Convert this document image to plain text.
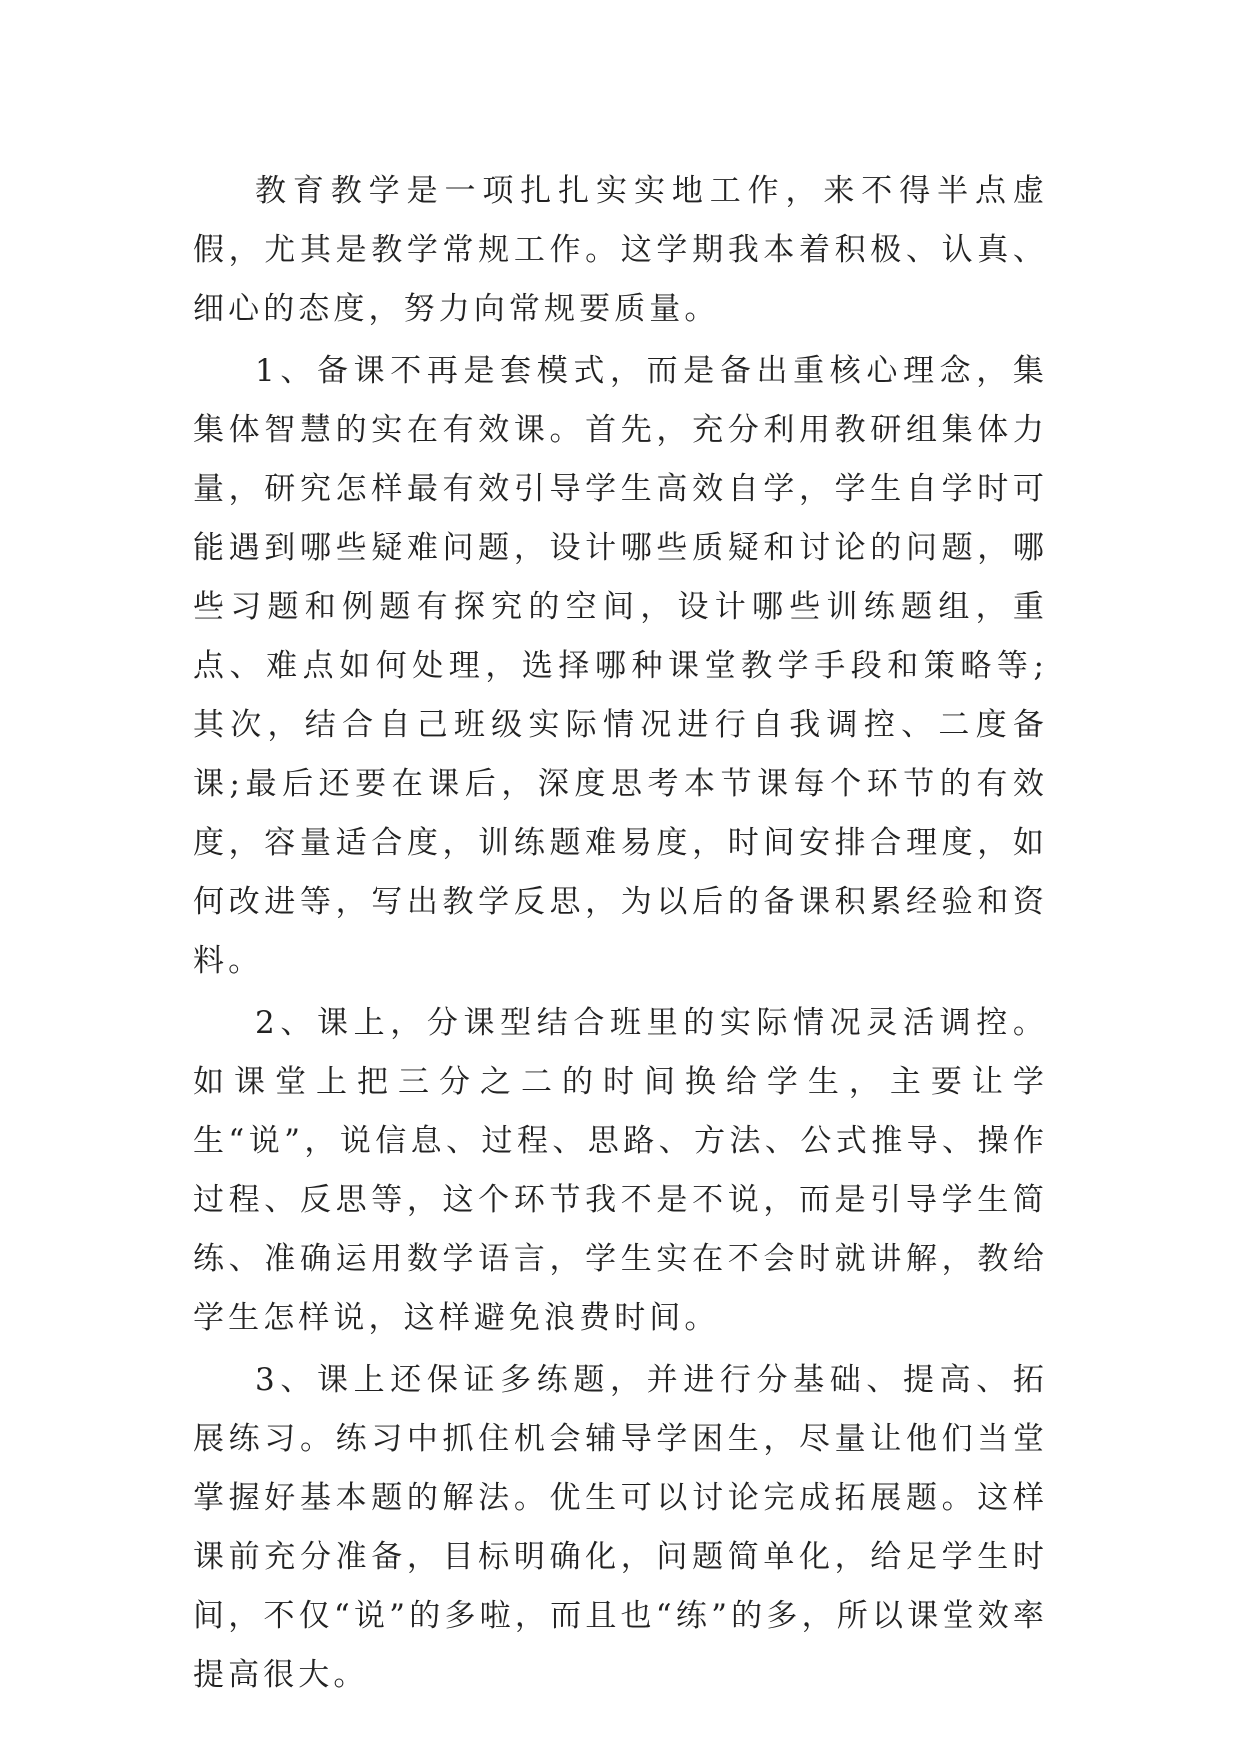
教育教学是一项扎扎实实地工作，来不得半点虚假，尤其是教学常规工作。这学期我本着积极、认真、细心的态度，努力向常规要质量。

1、备课不再是套模式，而是备出重核心理念，集集体智慧的实在有效课。首先，充分利用教研组集体力量，研究怎样最有效引导学生高效自学，学生自学时可能遇到哪些疑难问题，设计哪些质疑和讨论的问题，哪些习题和例题有探究的空间，设计哪些训练题组，重点、难点如何处理，选择哪种课堂教学手段和策略等;其次，结合自己班级实际情况进行自我调控、二度备课;最后还要在课后，深度思考本节课每个环节的有效度，容量适合度，训练题难易度，时间安排合理度，如何改进等，写出教学反思，为以后的备课积累经验和资料。

2、课上，分课型结合班里的实际情况灵活调控。如课堂上把三分之二的时间换给学生，主要让学生“说”，说信息、过程、思路、方法、公式推导、操作过程、反思等，这个环节我不是不说，而是引导学生简练、准确运用数学语言，学生实在不会时就讲解，教给学生怎样说，这样避免浪费时间。

3、课上还保证多练题，并进行分基础、提高、拓展练习。练习中抓住机会辅导学困生，尽量让他们当堂掌握好基本题的解法。优生可以讨论完成拓展题。这样课前充分准备，目标明确化，问题简单化，给足学生时间，不仅“说”的多啦，而且也“练”的多，所以课堂效率提高很大。
